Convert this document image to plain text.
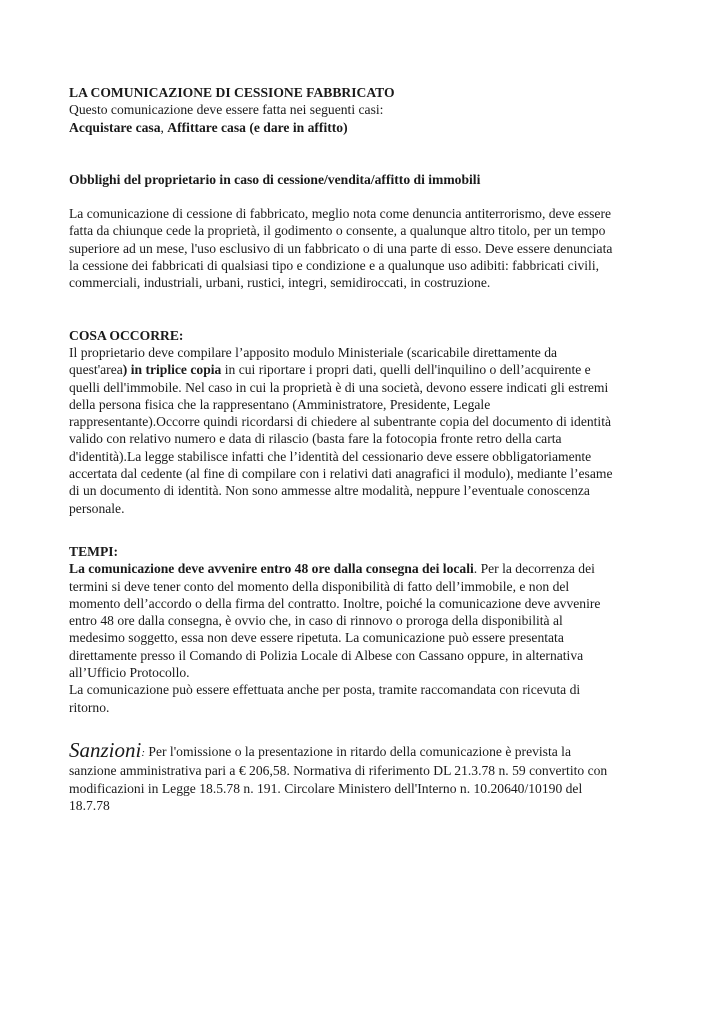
LA COMUNICAZIONE DI CESSIONE FABBRICATO

Questo comunicazione deve essere fatta nei seguenti casi:

Acquistare casa, Affittare casa (e dare in affitto)

Obblighi del proprietario in caso di cessione/vendita/affitto di immobili
La comunicazione di cessione di fabbricato, meglio nota come denuncia antiterrorismo, deve essere
fatta da chiunque cede la proprietà, il godimento o consente, a qualunque altro titolo, per un tempo
superiore ad un mese, l'uso esclusivo di un fabbricato o di una parte di esso. Deve essere denunciata
la cessione dei fabbricati di qualsiasi tipo e condizione e a qualunque uso adibiti: fabbricati civili,
commerciali, industriali, urbani, rustici, integri, semidiroccati, in costruzione.
COSA OCCORRE:
Il proprietario deve compilare l’apposito modulo Ministeriale (scaricabile direttamente da
quest'area) in triplice copia in cui riportare i propri dati, quelli dell'inquilino o dell’acquirente e
quelli dell'immobile. Nel caso in cui la proprietà è di una società, devono essere indicati gli estremi
della persona fisica che la rappresentano (Amministratore, Presidente, Legale
rappresentante).Occorre quindi ricordarsi di chiedere al subentrante copia del documento di identità
valido con relativo numero e data di rilascio (basta fare la fotocopia fronte retro della carta
d'identità).La legge stabilisce infatti che l’identità del cessionario deve essere obbligatoriamente
accertata dal cedente (al fine di compilare con i relativi dati anagrafici il modulo), mediante l’esame
di un documento di identità. Non sono ammesse altre modalità, neppure l’eventuale conoscenza
personale.
TEMPI:
La comunicazione deve avvenire entro 48 ore dalla consegna dei locali. Per la decorrenza dei
termini si deve tener conto del momento della disponibilità di fatto dell’immobile, e non del
momento dell’accordo o della firma del contratto. Inoltre, poiché la comunicazione deve avvenire
entro 48 ore dalla consegna, è ovvio che, in caso di rinnovo o proroga della disponibilità al
medesimo soggetto, essa non deve essere ripetuta. La comunicazione può essere presentata
direttamente presso il Comando di Polizia Locale di Albese con Cassano oppure, in alternativa
all’Ufficio Protocollo.
La comunicazione può essere effettuata anche per posta, tramite raccomandata con ricevuta di
ritorno.
Sanzioni: Per l'omissione o la presentazione in ritardo della comunicazione è prevista la
sanzione amministrativa pari a € 206,58. Normativa di riferimento DL 21.3.78 n. 59 convertito con
modificazioni in Legge 18.5.78 n. 191. Circolare Ministero dell'Interno n. 10.20640/10190 del
18.7.78
